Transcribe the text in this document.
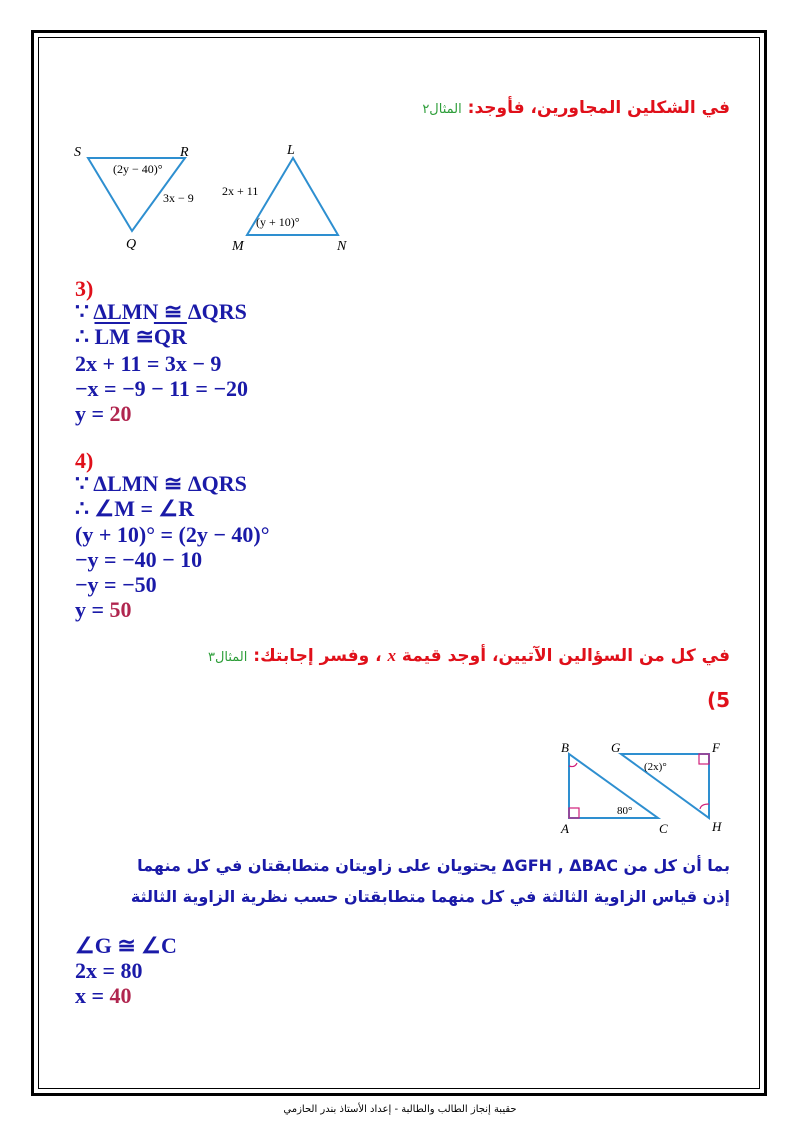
في الشكلين المجاورين، فأوجد: المثال٢
S	R
Q
L
M	N
(2y − 40)°
3x − 9 2x + 11
(y + 10)°
3)
∵ ΔLMN ≅ ΔQRS
∴ $\overline{LM}$ $≅\overline{QR}$
2x + 11 = 3x − 9
−x = −9 − 11 = −20
y = 20
4)
∵ ΔLMN ≅ ΔQRS
∴ ∠M = ∠R
(y + 10)° = (2y − 40)°
−y = −40 − 10
−y = −50
y = 50
في كل من السؤالين الآتيين، أوجد قيمة x ، وفسر إجابتك: المثال٣
5)
B
A	C
G	F
H
80°
(2x)°
بما أن كل من ΔGFH , ΔBAC يحتويان على زاويتان متطابقتان في كل منهما
إذن قياس الزاوية الثالثة في كل منهما متطابقتان حسب نظرية الزاوية الثالثة
∠G ≅ ∠C
2x = 80
x = 40
حقيبة إنجاز الطالب والطالبة - إعداد الأستاذ بندر الحازمي
